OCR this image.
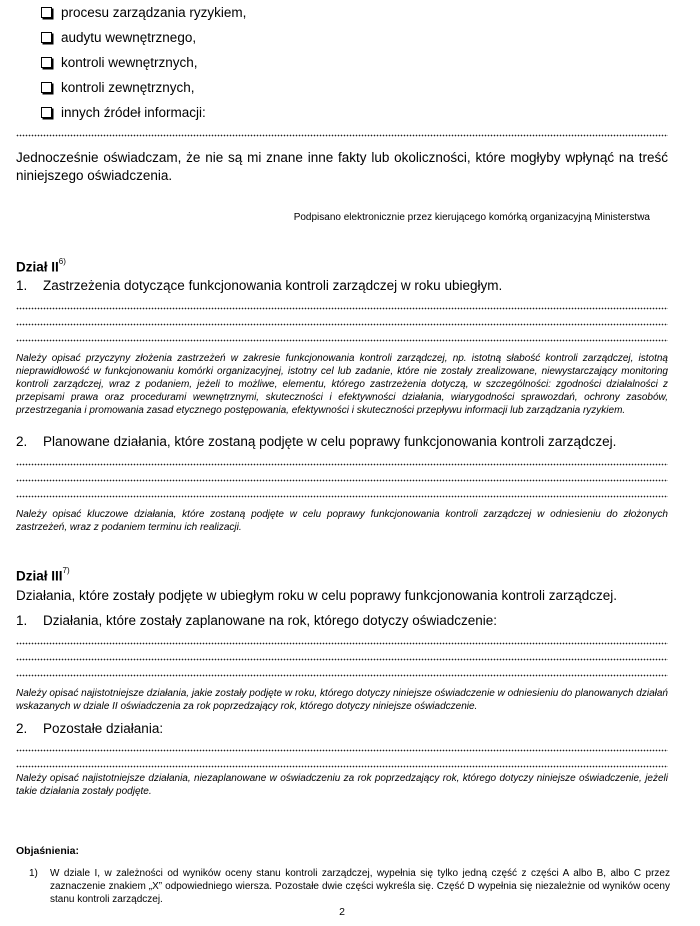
procesu zarządzania ryzykiem,
audytu wewnętrznego,
kontroli wewnętrznych,
kontroli zewnętrznych,
innych źródeł informacji:
Jednocześnie oświadczam, że nie są mi znane inne fakty lub okoliczności, które mogłyby wpłynąć na treść niniejszego oświadczenia.
Podpisano elektronicznie przez kierującego komórką organizacyjną Ministerstwa
Dział II$^{6)}$
1. Zastrzeżenia dotyczące funkcjonowania kontroli zarządczej w roku ubiegłym.
Należy opisać przyczyny złożenia zastrzeżeń w zakresie funkcjonowania kontroli zarządczej, np. istotną słabość kontroli zarządczej, istotną nieprawidłowość w funkcjonowaniu komórki organizacyjnej, istotny cel lub zadanie, które nie zostały zrealizowane, niewystarczający monitoring kontroli zarządczej, wraz z podaniem, jeżeli to możliwe, elementu, którego zastrzeżenia dotyczą, w szczególności: zgodności działalności z przepisami prawa oraz procedurami wewnętrznymi, skuteczności i efektywności działania, wiarygodności sprawozdań, ochrony zasobów, przestrzegania i promowania zasad etycznego postępowania, efektywności i skuteczności przepływu informacji lub zarządzania ryzykiem.
2. Planowane działania, które zostaną podjęte w celu poprawy funkcjonowania kontroli zarządczej.
Należy opisać kluczowe działania, które zostaną podjęte w celu poprawy funkcjonowania kontroli zarządczej w odniesieniu do złożonych zastrzeżeń, wraz z podaniem terminu ich realizacji.
Dział III$^{7)}$
Działania, które zostały podjęte w ubiegłym roku w celu poprawy funkcjonowania kontroli zarządczej.
1. Działania, które zostały zaplanowane na rok, którego dotyczy oświadczenie:
Należy opisać najistotniejsze działania, jakie zostały podjęte w roku, którego dotyczy niniejsze oświadczenie w odniesieniu do planowanych działań wskazanych w dziale II oświadczenia za rok poprzedzający rok, którego dotyczy niniejsze oświadczenie.
2. Pozostałe działania:
Należy opisać najistotniejsze działania, niezaplanowane w oświadczeniu za rok poprzedzający rok, którego dotyczy niniejsze oświadczenie, jeżeli takie działania zostały podjęte.
Objaśnienia:
1) W dziale I, w zależności od wyników oceny stanu kontroli zarządczej, wypełnia się tylko jedną część z części A albo B, albo C przez zaznaczenie znakiem „X” odpowiedniego wiersza. Pozostałe dwie części wykreśla się. Część D wypełnia się niezależnie od wyników oceny stanu kontroli zarządczej.
2
